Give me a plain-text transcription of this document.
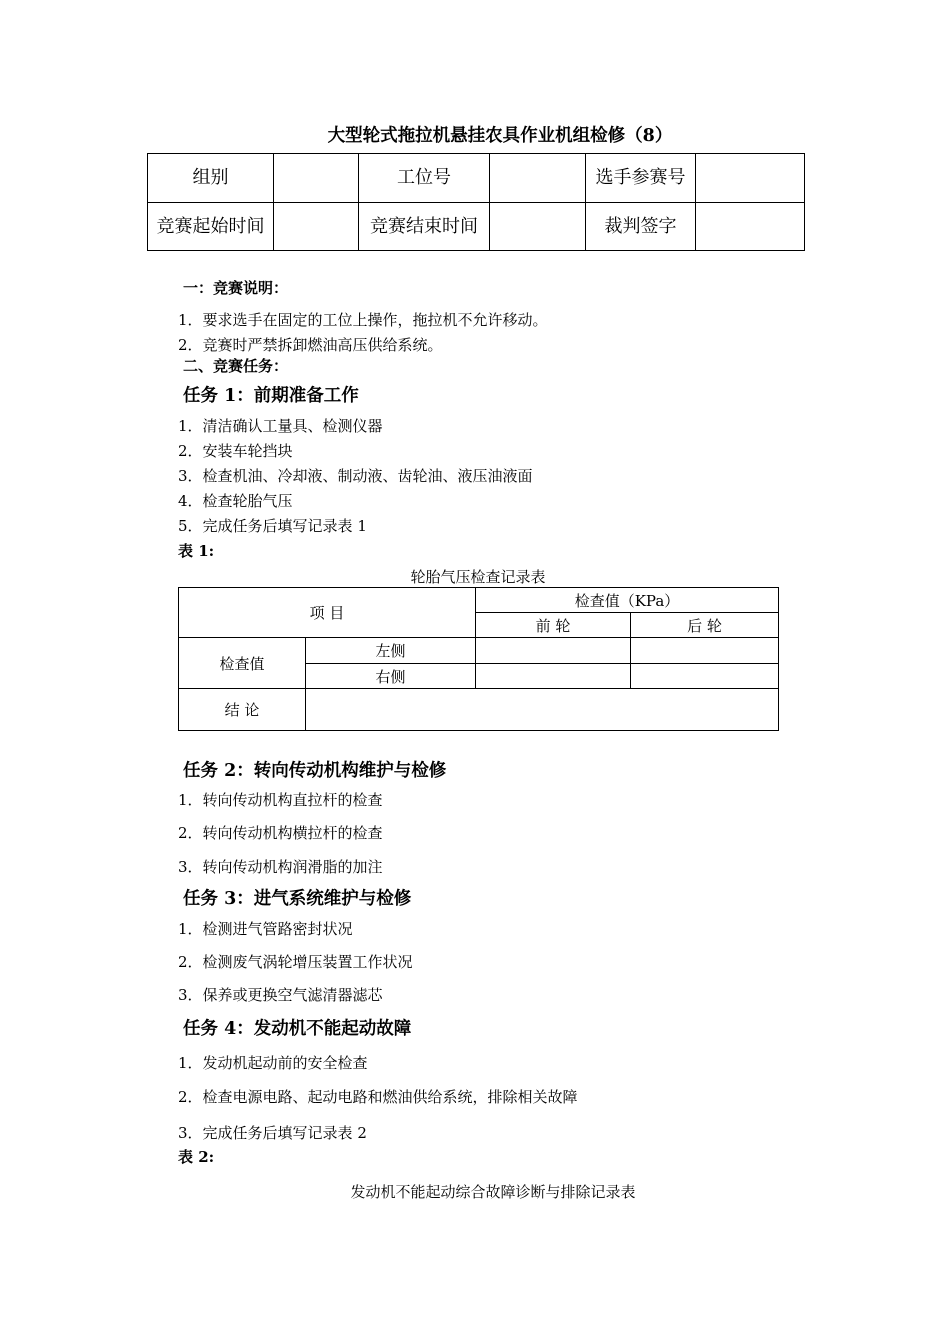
大型轮式拖拉机悬挂农具作业机组检修（8）
组别		工位号		选手参赛号	
竞赛起始时间		竞赛结束时间		裁判签字	
一：竞赛说明：
1．要求选手在固定的工位上操作，拖拉机不允许移动。
2．竞赛时严禁拆卸燃油高压供给系统。
二、竞赛任务：
任务 1：前期准备工作
1．清洁确认工量具、检测仪器
2．安装车轮挡块
3．检查机油、冷却液、制动液、齿轮油、液压油液面
4．检查轮胎气压
5．完成任务后填写记录表 1
表 1:
轮胎气压检查记录表
项 目		检查值（KPa）	
		前 轮	后 轮
检查值	左侧		
	右侧		
结 论			
任务 2：转向传动机构维护与检修
1．转向传动机构直拉杆的检查
2．转向传动机构横拉杆的检查
3．转向传动机构润滑脂的加注
任务 3：进气系统维护与检修
1．检测进气管路密封状况
2．检测废气涡轮增压装置工作状况
3．保养或更换空气滤清器滤芯
任务 4：发动机不能起动故障
1．发动机起动前的安全检查
2．检查电源电路、起动电路和燃油供给系统，排除相关故障
3．完成任务后填写记录表 2
表 2:
发动机不能起动综合故障诊断与排除记录表
